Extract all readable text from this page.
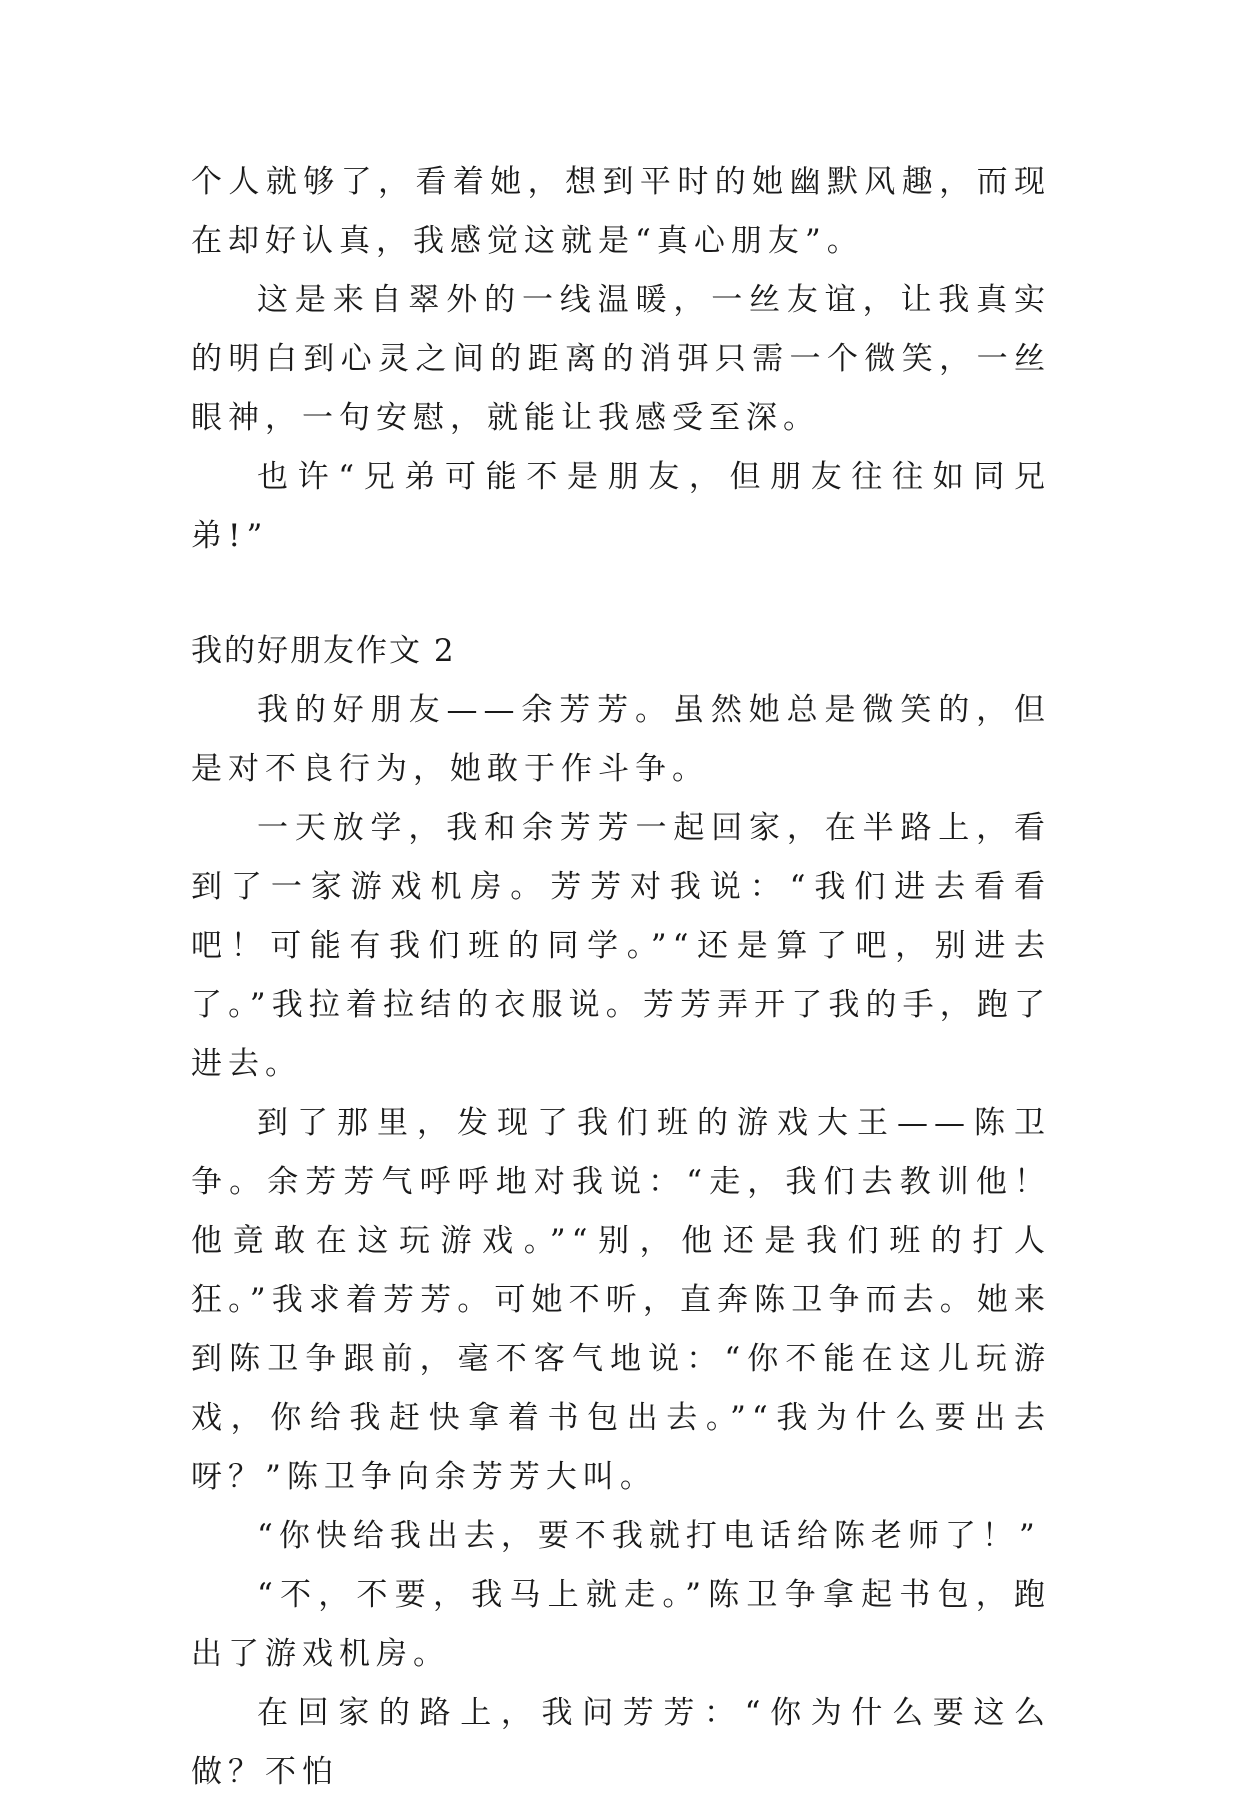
个人就够了，看着她，想到平时的她幽默风趣，而现在却好认真，我感觉这就是“真心朋友”。

这是来自翠外的一线温暖，一丝友谊，让我真实的明白到心灵之间的距离的消弭只需一个微笑，一丝眼神，一句安慰，就能让我感受至深。

也许“兄弟可能不是朋友，但朋友往往如同兄弟!”

我的好朋友作文 2

我的好朋友——余芳芳。虽然她总是微笑的，但是对不良行为，她敢于作斗争。

一天放学，我和余芳芳一起回家，在半路上，看到了一家游戏机房。芳芳对我说：“我们进去看看吧！可能有我们班的同学。”“还是算了吧，别进去了。”我拉着拉结的衣服说。芳芳弄开了我的手，跑了进去。

到了那里，发现了我们班的游戏大王——陈卫争。余芳芳气呼呼地对我说：“走，我们去教训他！他竟敢在这玩游戏。”“别，他还是我们班的打人狂。”我求着芳芳。可她不听，直奔陈卫争而去。她来到陈卫争跟前，毫不客气地说：“你不能在这儿玩游戏，你给我赶快拿着书包出去。”“我为什么要出去呀？”陈卫争向余芳芳大叫。

“你快给我出去，要不我就打电话给陈老师了！”

“不，不要，我马上就走。”陈卫争拿起书包，跑出了游戏机房。

在回家的路上，我问芳芳：“你为什么要这么做？不怕
